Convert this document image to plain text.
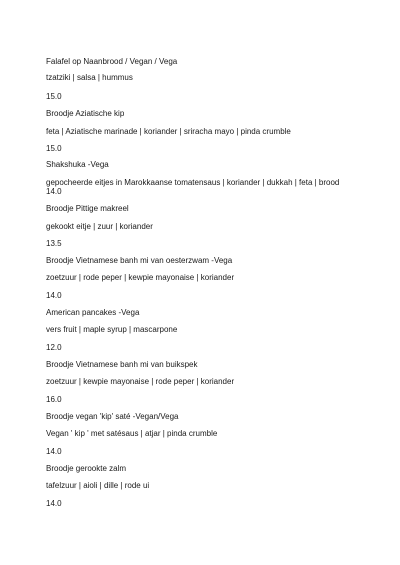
Falafel op Naanbrood / Vegan / Vega
tzatziki | salsa | hummus
15.0
Broodje Aziatische kip
feta | Aziatische marinade | koriander | sriracha mayo | pinda crumble
15.0
Shakshuka -Vega
gepocheerde eitjes in Marokkaanse tomatensaus | koriander | dukkah | feta | brood
14.0
Broodje Pittige makreel
gekookt eitje | zuur | koriander
13.5
Broodje Vietnamese banh mi van oesterzwam -Vega
zoetzuur | rode peper | kewpie mayonaise | koriander
14.0
American pancakes -Vega
vers fruit | maple syrup | mascarpone
12.0
Broodje Vietnamese banh mi van buikspek
zoetzuur | kewpie mayonaise | rode peper | koriander
16.0
Broodje vegan 'kip' saté -Vegan/Vega
Vegan ' kip ' met satésaus | atjar | pinda crumble
14.0
Broodje gerookte zalm
tafelzuur | aioli | dille | rode ui
14.0
